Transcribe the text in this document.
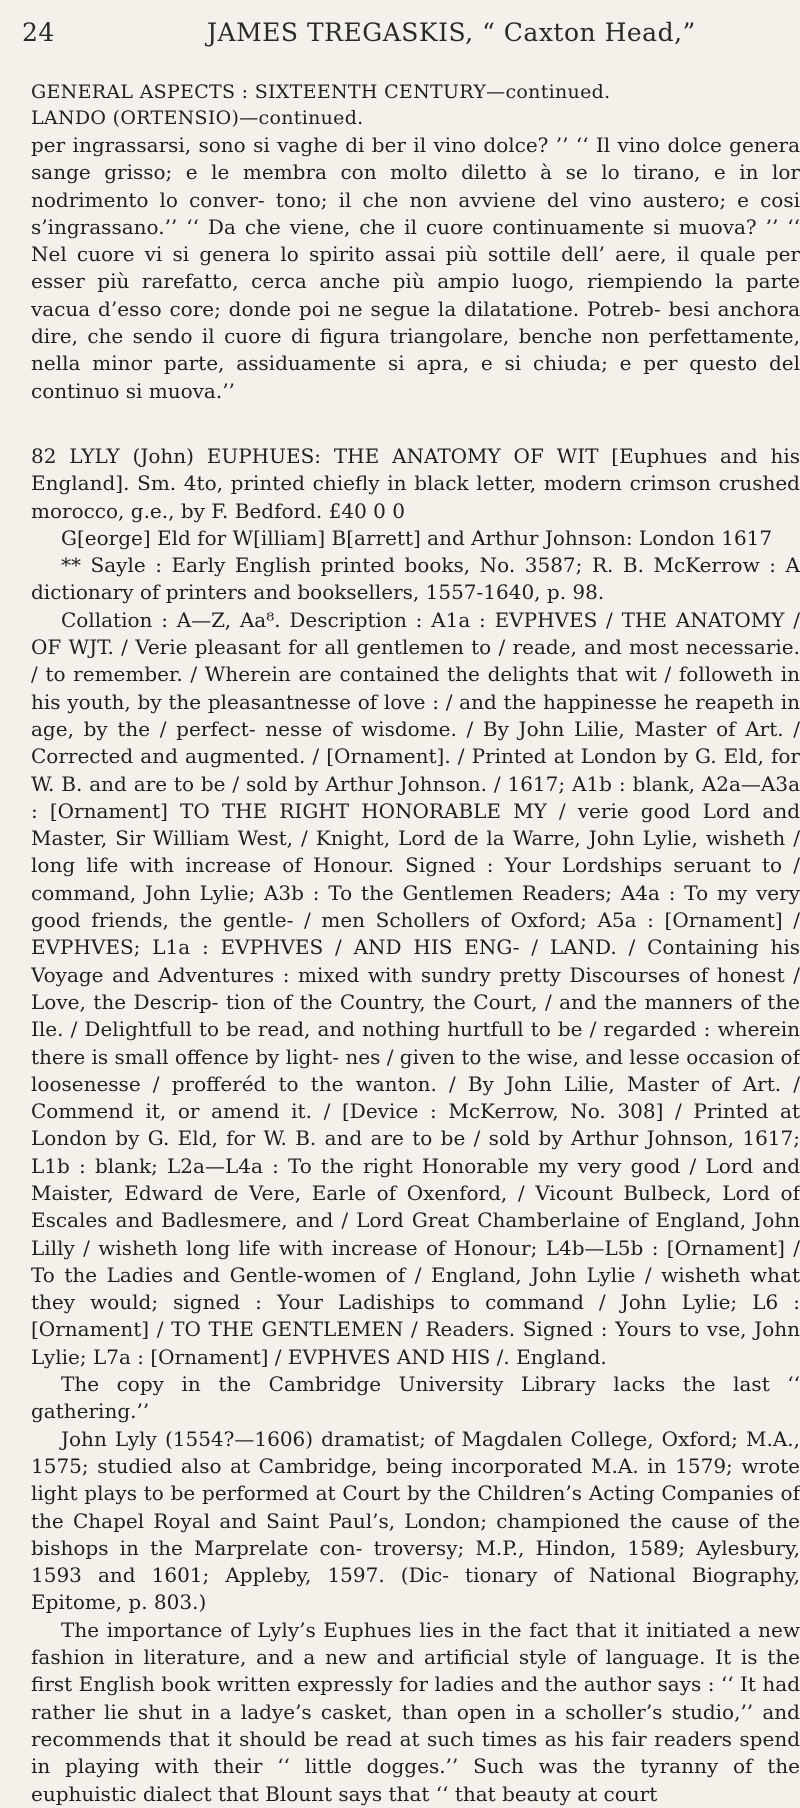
24	JAMES TREGASKIS, “ Caxton Head,”
GENERAL ASPECTS : SIXTEENTH CENTURY—continued.
LANDO (ORTENSIO)—continued.

per ingrassarsi, sono si vaghe di ber il vino dolce? ’’ ‘‘ Il vino dolce genera sange grisso; e le membra con molto diletto à se lo tirano, e in lor nodrimento lo conver- tono; il che non avviene del vino austero; e cosi s’ingrassano.’’ ‘‘ Da che viene, che il cuore continuamente si muova? ’’ ‘‘ Nel cuore vi si genera lo spirito assai più sottile dell’ aere, il quale per esser più rarefatto, cerca anche più ampio luogo, riempiendo la parte vacua d’esso core; donde poi ne segue la dilatatione. Potreb- besi anchora dire, che sendo il cuore di figura triangolare, benche non perfettamente, nella minor parte, assiduamente si apra, e si chiuda; e per questo del continuo si muova.’’

82 LYLY (John) EUPHUES: THE ANATOMY OF WIT [Euphues and his England]. Sm. 4to, printed chiefly in black letter, modern crimson crushed morocco, g.e., by F. Bedford. £40 0 0

G[eorge] Eld for W[illiam] B[arrett] and Arthur Johnson: London 1617

** Sayle : Early English printed books, No. 3587; R. B. McKerrow : A dictionary of printers and booksellers, 1557-1640, p. 98.

Collation : A—Z, Aa⁸. Description : A1a : EVPHVES / THE ANATOMY / OF WJT. / Verie pleasant for all gentlemen to / reade, and most necessarie. / to remember. / Wherein are contained the delights that wit / followeth in his youth, by the pleasantnesse of love : / and the happinesse he reapeth in age, by the / perfect- nesse of wisdome. / By John Lilie, Master of Art. / Corrected and augmented. / [Ornament]. / Printed at London by G. Eld, for W. B. and are to be / sold by Arthur Johnson. / 1617; A1b : blank, A2a—A3a : [Ornament] TO THE RIGHT HONORABLE MY / verie good Lord and Master, Sir William West, / Knight, Lord de la Warre, John Lylie, wisheth / long life with increase of Honour. Signed : Your Lordships seruant to / command, John Lylie; A3b : To the Gentlemen Readers; A4a : To my very good friends, the gentle- / men Schollers of Oxford; A5a : [Ornament] / EVPHVES; L1a : EVPHVES / AND HIS ENG- / LAND. / Containing his Voyage and Adventures : mixed with sundry pretty Discourses of honest / Love, the Descrip- tion of the Country, the Court, / and the manners of the Ile. / Delightfull to be read, and nothing hurtfull to be / regarded : wherein there is small offence by light- nes / given to the wise, and lesse occasion of loosenesse / profferéd to the wanton. / By John Lilie, Master of Art. / Commend it, or amend it. / [Device : McKerrow, No. 308] / Printed at London by G. Eld, for W. B. and are to be / sold by Arthur Johnson, 1617; L1b : blank; L2a—L4a : To the right Honorable my very good / Lord and Maister, Edward de Vere, Earle of Oxenford, / Vicount Bulbeck, Lord of Escales and Badlesmere, and / Lord Great Chamberlaine of England, John Lilly / wisheth long life with increase of Honour; L4b—L5b : [Ornament] / To the Ladies and Gentle-women of / England, John Lylie / wisheth what they would; signed : Your Ladiships to command / John Lylie; L6 : [Ornament] / TO THE GENTLEMEN / Readers. Signed : Yours to vse, John Lylie; L7a : [Ornament] / EVPHVES AND HIS /. England.

The copy in the Cambridge University Library lacks the last ‘‘ gathering.’’

John Lyly (1554?—1606) dramatist; of Magdalen College, Oxford; M.A., 1575; studied also at Cambridge, being incorporated M.A. in 1579; wrote light plays to be performed at Court by the Children’s Acting Companies of the Chapel Royal and Saint Paul’s, London; championed the cause of the bishops in the Marprelate con- troversy; M.P., Hindon, 1589; Aylesbury, 1593 and 1601; Appleby, 1597. (Dic- tionary of National Biography, Epitome, p. 803.)

The importance of Lyly’s Euphues lies in the fact that it initiated a new fashion in literature, and a new and artificial style of language. It is the first English book written expressly for ladies and the author says : ‘‘ It had rather lie shut in a ladye’s casket, than open in a scholler’s studio,’’ and recommends that it should be read at such times as his fair readers spend in playing with their ‘‘ little dogges.’’ Such was the tyranny of the euphuistic dialect that Blount says that ‘‘ that beauty at court
